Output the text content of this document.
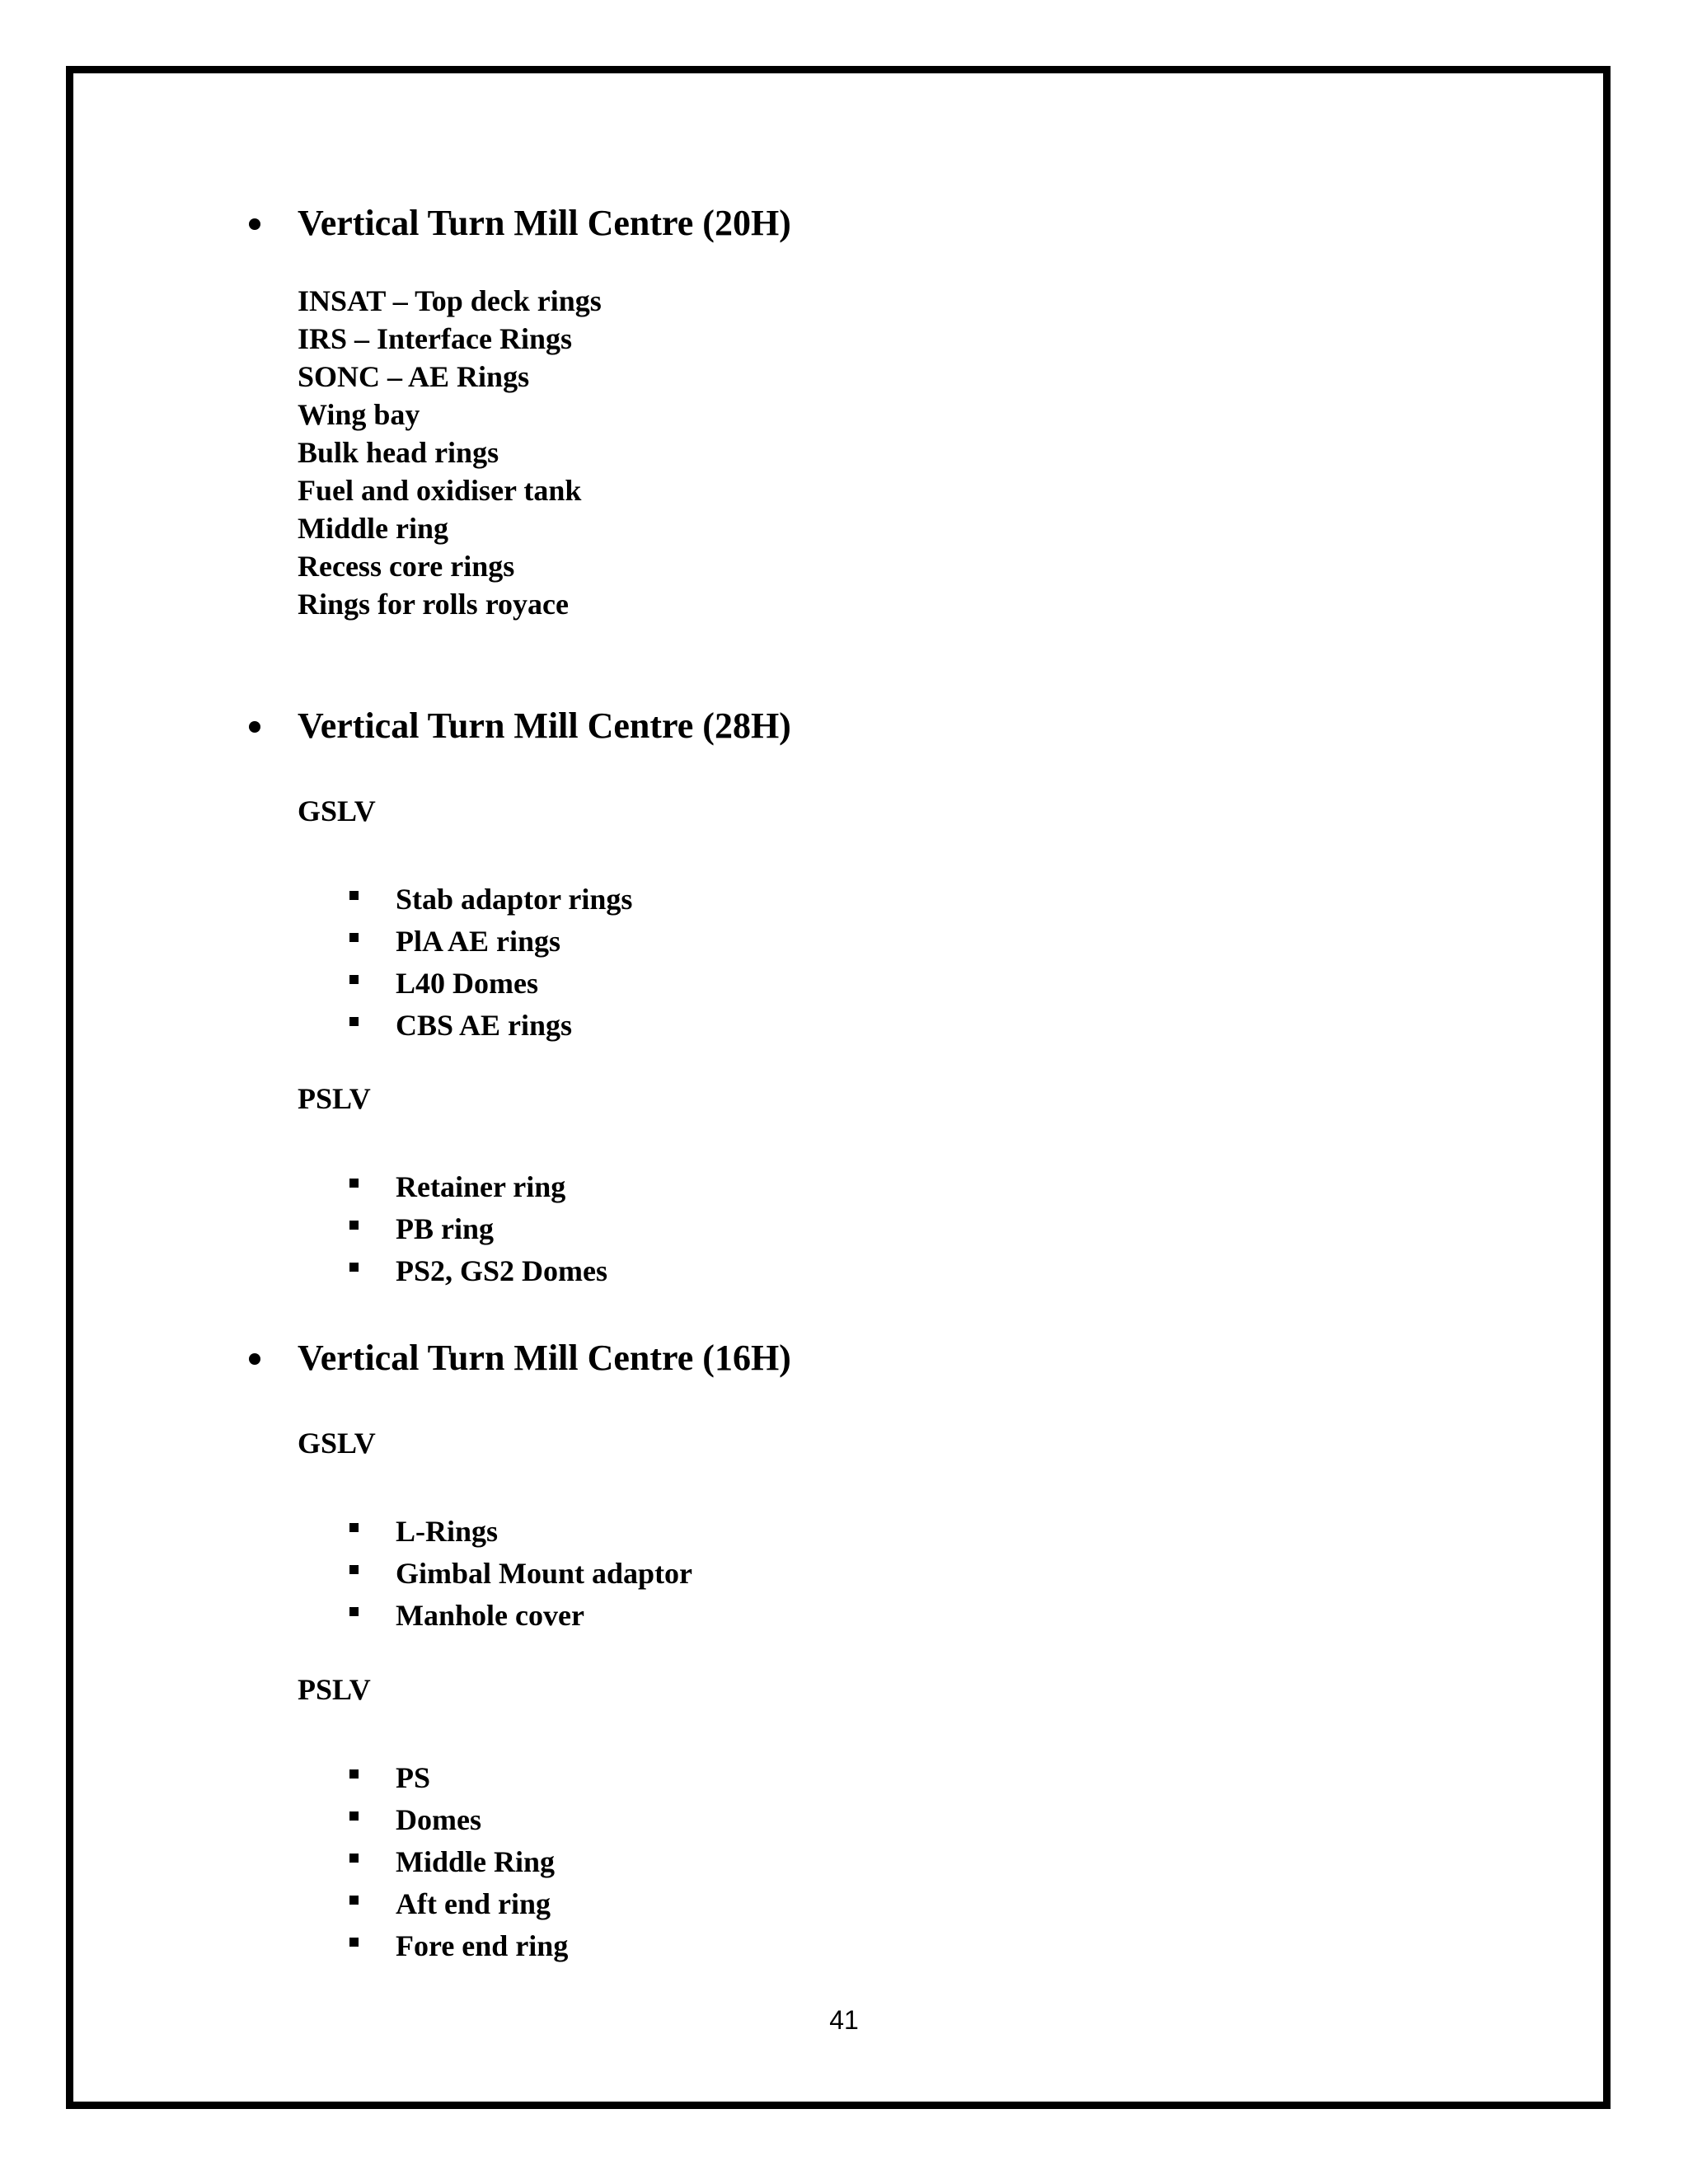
Vertical Turn Mill Centre (20H)
INSAT – Top deck rings
IRS – Interface Rings
SONC – AE Rings
Wing bay
Bulk head rings
Fuel and oxidiser tank
Middle ring
Recess core rings
Rings for rolls royace
Vertical Turn Mill Centre (28H)
GSLV
Stab adaptor rings
PlA AE rings
L40 Domes
CBS AE rings
PSLV
Retainer ring
PB ring
PS2, GS2 Domes
Vertical Turn Mill Centre (16H)
GSLV
L-Rings
Gimbal Mount adaptor
Manhole cover
PSLV
PS
Domes
Middle Ring
Aft end ring
Fore end ring
41
